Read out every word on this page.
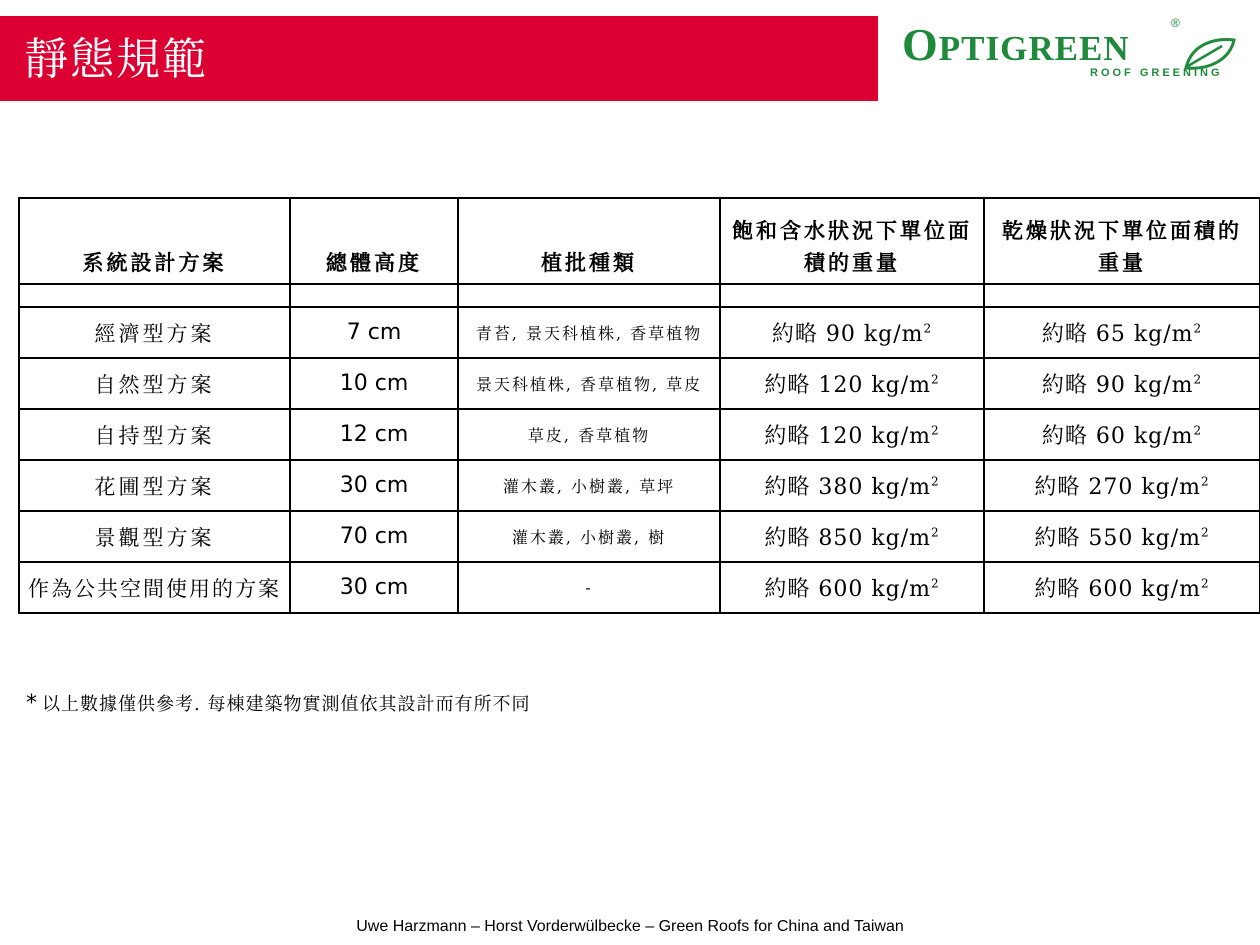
靜態規範	OPTIGREEN
®
ROOF GREENING
系統設計方案	總體高度	植批種類	飽和含水狀況下單位面積的重量	乾燥狀況下單位面積的重量

經濟型方案	7 cm	青苔, 景天科植株, 香草植物	約略 90 $kg/m^2$	約略 65 $kg/m^2$
自然型方案	10 cm	景天科植株, 香草植物, 草皮	約略 120 $kg/m^2$	約略 90 $kg/m^2$
自持型方案	12 cm	草皮, 香草植物	約略 120 $kg/m^2$	約略 60 $kg/m^2$
花圃型方案	30 cm	灌木叢, 小樹叢, 草坪	約略 380 $kg/m^2$	約略 270 $kg/m^2$
景觀型方案	70 cm	灌木叢, 小樹叢, 樹	約略 850 $kg/m^2$	約略 550 $kg/m^2$
作為公共空間使用的方案	30 cm	-	約略 600 $kg/m^2$	約略 600 $kg/m^2$
* 以上數據僅供參考. 每棟建築物實測值依其設計而有所不同
Uwe Harzmann – Horst Vorderwülbecke – Green Roofs for China and Taiwan
